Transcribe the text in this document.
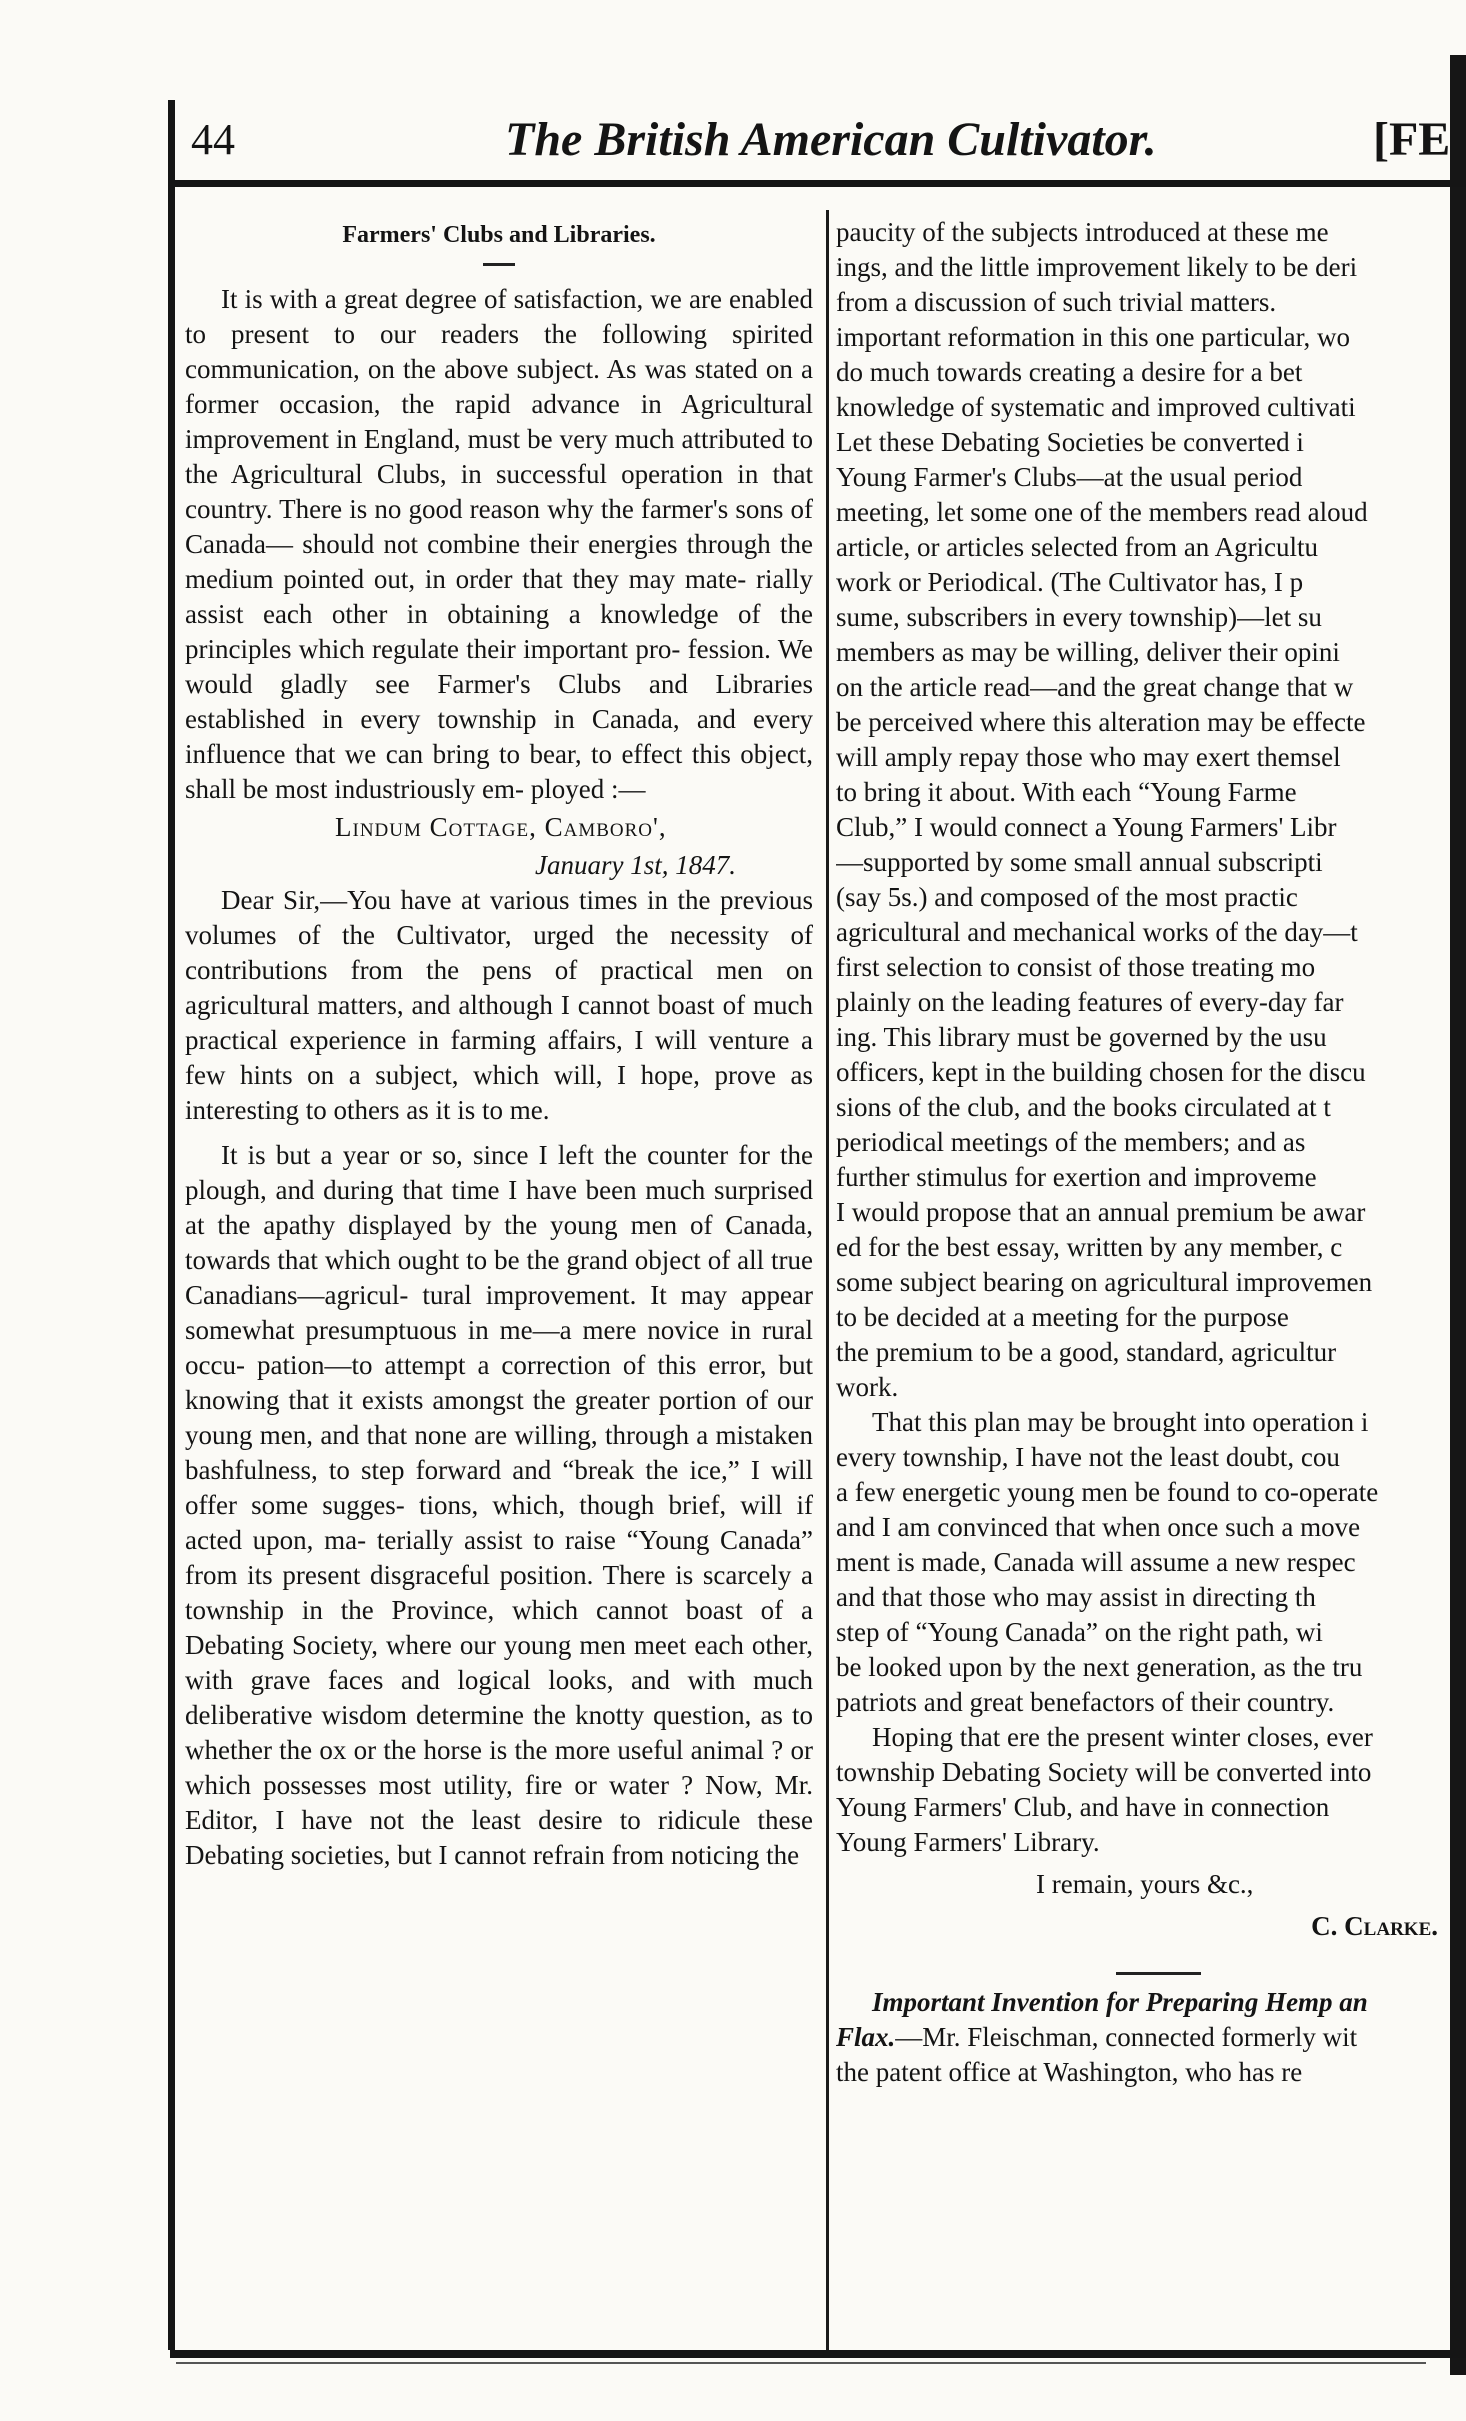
44	The British American Cultivator.	[FE

Farmers' Clubs and Libraries.

It is with a great degree of satisfaction, we are enabled to present to our readers the following spirited communication, on the above subject. As was stated on a former occasion, the rapid advance in Agricultural improvement in England, must be very much attributed to the Agricultural Clubs, in successful operation in that country. There is no good reason why the farmer's sons of Canada— should not combine their energies through the medium pointed out, in order that they may mate- rially assist each other in obtaining a knowledge of the principles which regulate their important pro- fession. We would gladly see Farmer's Clubs and Libraries established in every township in Canada, and every influence that we can bring to bear, to effect this object, shall be most industriously em- ployed :—

Lindum Cottage, Camboro',

January 1st, 1847.

Dear Sir,—You have at various times in the previous volumes of the Cultivator, urged the necessity of contributions from the pens of practical men on agricultural matters, and although I cannot boast of much practical experience in farming affairs, I will venture a few hints on a subject, which will, I hope, prove as interesting to others as it is to me.

It is but a year or so, since I left the counter for the plough, and during that time I have been much surprised at the apathy displayed by the young men of Canada, towards that which ought to be the grand object of all true Canadians—agricul- tural improvement. It may appear somewhat presumptuous in me—a mere novice in rural occu- pation—to attempt a correction of this error, but knowing that it exists amongst the greater portion of our young men, and that none are willing, through a mistaken bashfulness, to step forward and “break the ice,” I will offer some sugges- tions, which, though brief, will if acted upon, ma- terially assist to raise “Young Canada” from its present disgraceful position. There is scarcely a township in the Province, which cannot boast of a Debating Society, where our young men meet each other, with grave faces and logical looks, and with much deliberative wisdom determine the knotty question, as to whether the ox or the horse is the more useful animal ? or which possesses most utility, fire or water ? Now, Mr. Editor, I have not the least desire to ridicule these Debating societies, but I cannot refrain from noticing the

paucity of the subjects introduced at these me
ings, and the little improvement likely to be deri
from a discussion of such trivial matters.
important reformation in this one particular, wo
do much towards creating a desire for a bet
knowledge of systematic and improved cultivati
Let these Debating Societies be converted i
Young Farmer's Clubs—at the usual period
meeting, let some one of the members read aloud
article, or articles selected from an Agricultu
work or Periodical. (The Cultivator has, I p
sume, subscribers in every township)—let su
members as may be willing, deliver their opini
on the article read—and the great change that w
be perceived where this alteration may be effecte
will amply repay those who may exert themsel
to bring it about. With each “Young Farme
Club,” I would connect a Young Farmers' Libr
—supported by some small annual subscripti
(say 5s.) and composed of the most practic
agricultural and mechanical works of the day—t
first selection to consist of those treating mo
plainly on the leading features of every-day far
ing. This library must be governed by the usu
officers, kept in the building chosen for the discu
sions of the club, and the books circulated at t
periodical meetings of the members; and as
further stimulus for exertion and improveme
I would propose that an annual premium be awar
ed for the best essay, written by any member, c
some subject bearing on agricultural improvemen
to be decided at a meeting for the purpose
the premium to be a good, standard, agricultur
work.

That this plan may be brought into operation i
every township, I have not the least doubt, cou
a few energetic young men be found to co-operate
and I am convinced that when once such a move
ment is made, Canada will assume a new respec
and that those who may assist in directing th
step of “Young Canada” on the right path, wi
be looked upon by the next generation, as the tru
patriots and great benefactors of their country.

Hoping that ere the present winter closes, ever
township Debating Society will be converted into
Young Farmers' Club, and have in connection
Young Farmers' Library.

I remain, yours &c.,

C. Clarke.

Important Invention for Preparing Hemp an

Flax.—Mr. Fleischman, connected formerly wit

the patent office at Washington, who has re
